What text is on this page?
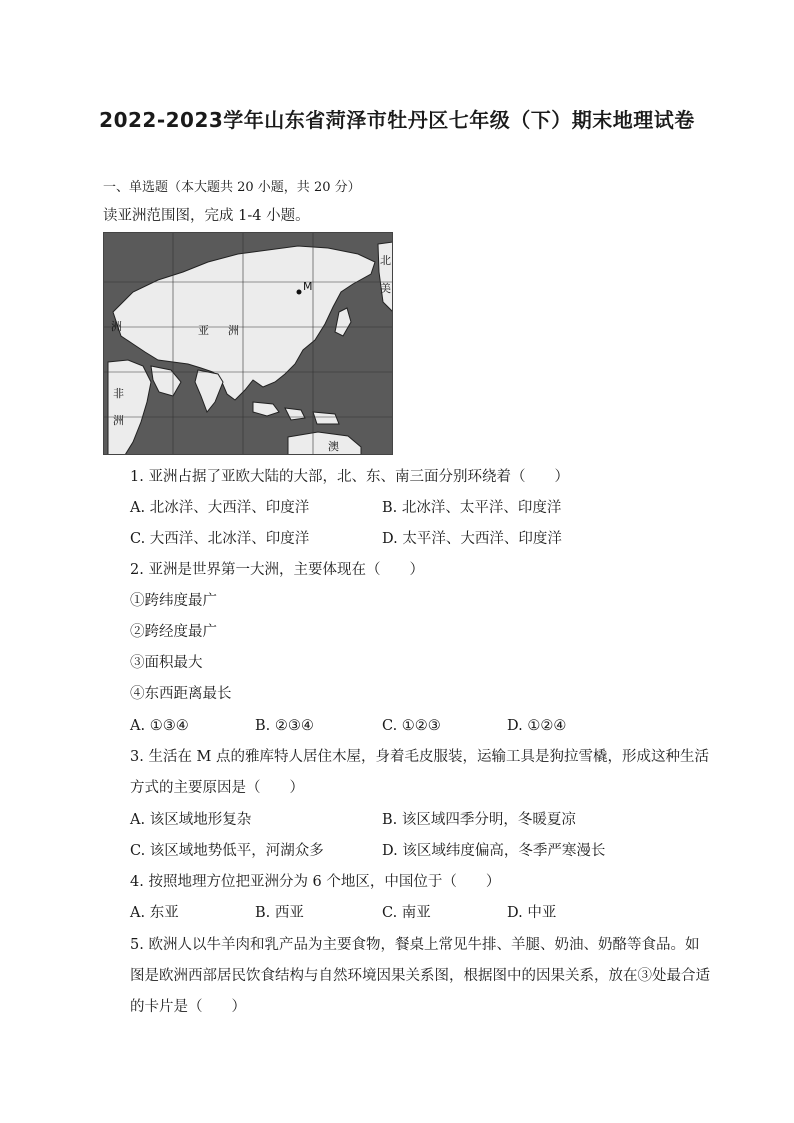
2022-2023学年山东省菏泽市牡丹区七年级（下）期末地理试卷
一、单选题（本大题共 20 小题，共 20 分）
读亚洲范围图，完成 1-4 小题。
M
亚 洲
洲
非
洲
北
美
澳
1. 亚洲占据了亚欧大陆的大部，北、东、南三面分别环绕着（　　）
A. 北冰洋、大西洋、印度洋	B. 北冰洋、太平洋、印度洋
C. 大西洋、北冰洋、印度洋	D. 太平洋、大西洋、印度洋
2. 亚洲是世界第一大洲，主要体现在（　　）
①跨纬度最广
②跨经度最广
③面积最大
④东西距离最长
A. ①③④	B. ②③④	C. ①②③	D. ①②④
3. 生活在 M 点的雅库特人居住木屋，身着毛皮服装，运输工具是狗拉雪橇，形成这种生活
方式的主要原因是（　　）
A. 该区域地形复杂	B. 该区域四季分明，冬暖夏凉
C. 该区域地势低平，河湖众多	D. 该区域纬度偏高，冬季严寒漫长
4. 按照地理方位把亚洲分为 6 个地区，中国位于（　　）
A. 东亚	B. 西亚	C. 南亚	D. 中亚
5. 欧洲人以牛羊肉和乳产品为主要食物，餐桌上常见牛排、羊腿、奶油、奶酪等食品。如
图是欧洲西部居民饮食结构与自然环境因果关系图，根据图中的因果关系，放在③处最合适
的卡片是（　　）
